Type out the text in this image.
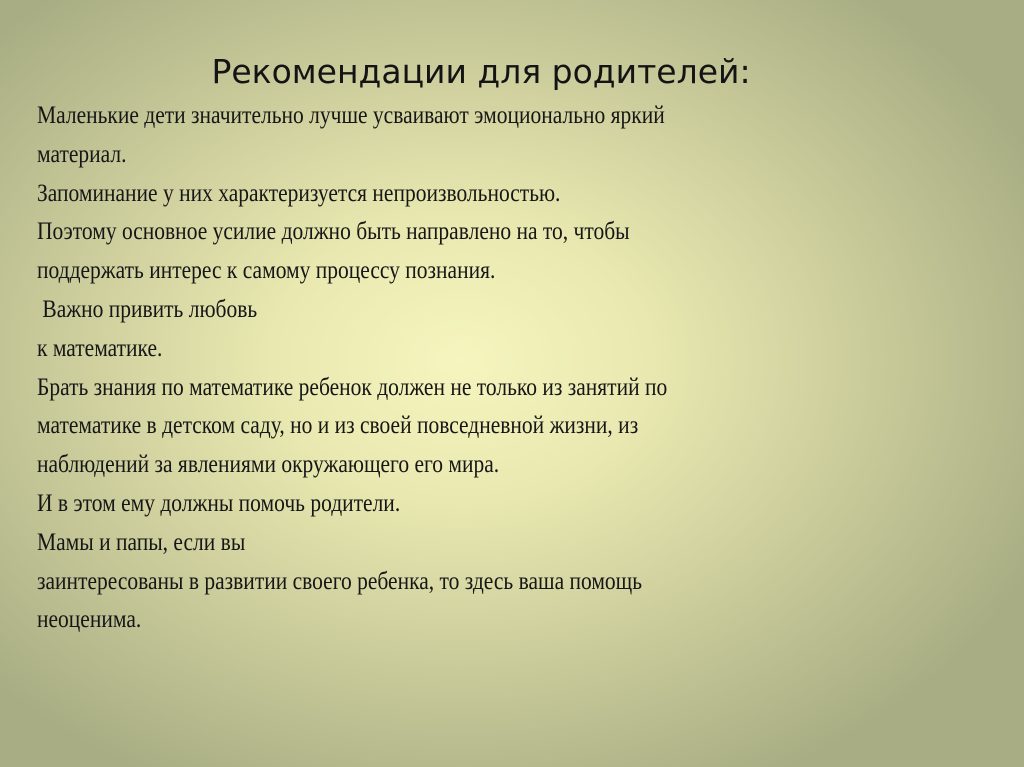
Рекомендации для родителей:
Маленькие дети значительно лучше усваивают эмоционально яркий
материал.
Запоминание у них характеризуется непроизвольностью.
Поэтому основное усилие должно быть направлено на то, чтобы
поддержать интерес к самому процессу познания.
Важно привить любовь
к математике.
Брать знания по математике ребенок должен не только из занятий по
математике в детском саду, но и из своей повседневной жизни, из
наблюдений за явлениями окружающего его мира.
И в этом ему должны помочь родители.
Мамы и папы, если вы
заинтересованы в развитии своего ребенка, то здесь ваша помощь
неоценима.
